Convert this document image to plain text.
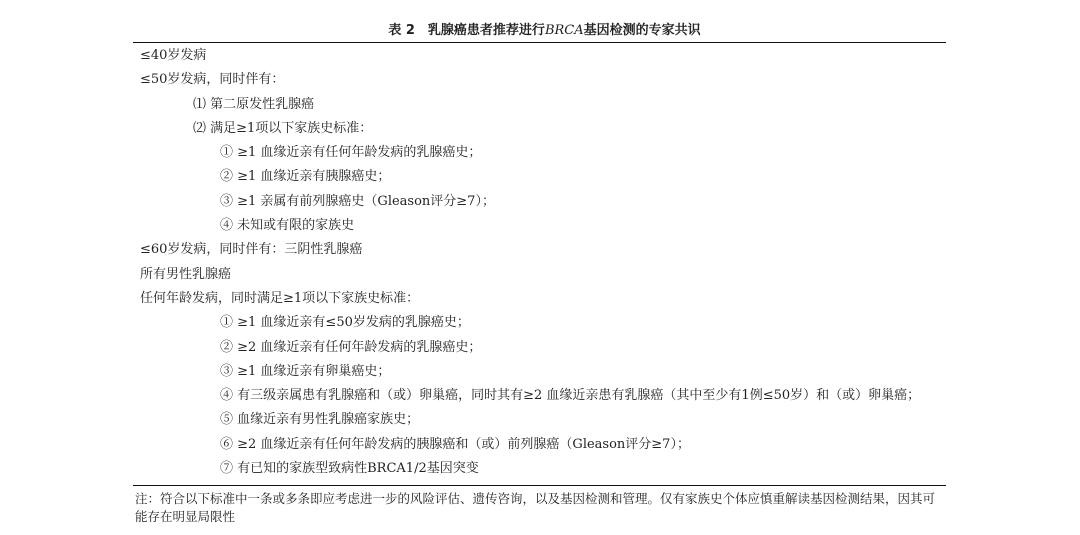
表 2　乳腺癌患者推荐进行BRCA基因检测的专家共识
≤40岁发病
≤50岁发病，同时伴有：
⑴ 第二原发性乳腺癌
⑵ 满足≥1项以下家族史标准：
① ≥1 血缘近亲有任何年龄发病的乳腺癌史；
② ≥1 血缘近亲有胰腺癌史；
③ ≥1 亲属有前列腺癌史（Gleason评分≥7）；
④ 未知或有限的家族史
≤60岁发病，同时伴有：三阴性乳腺癌
所有男性乳腺癌
任何年龄发病，同时满足≥1项以下家族史标准：
① ≥1 血缘近亲有≤50岁发病的乳腺癌史；
② ≥2 血缘近亲有任何年龄发病的乳腺癌史；
③ ≥1 血缘近亲有卵巢癌史；
④ 有三级亲属患有乳腺癌和（或）卵巢癌，同时其有≥2 血缘近亲患有乳腺癌（其中至少有1例≤50岁）和（或）卵巢癌；
⑤ 血缘近亲有男性乳腺癌家族史；
⑥ ≥2 血缘近亲有任何年龄发病的胰腺癌和（或）前列腺癌（Gleason评分≥7）；
⑦ 有已知的家族型致病性BRCA1/2基因突变
注：符合以下标准中一条或多条即应考虑进一步的风险评估、遗传咨询，以及基因检测和管理。仅有家族史个体应慎重解读基因检测结果，因其可能存在明显局限性
